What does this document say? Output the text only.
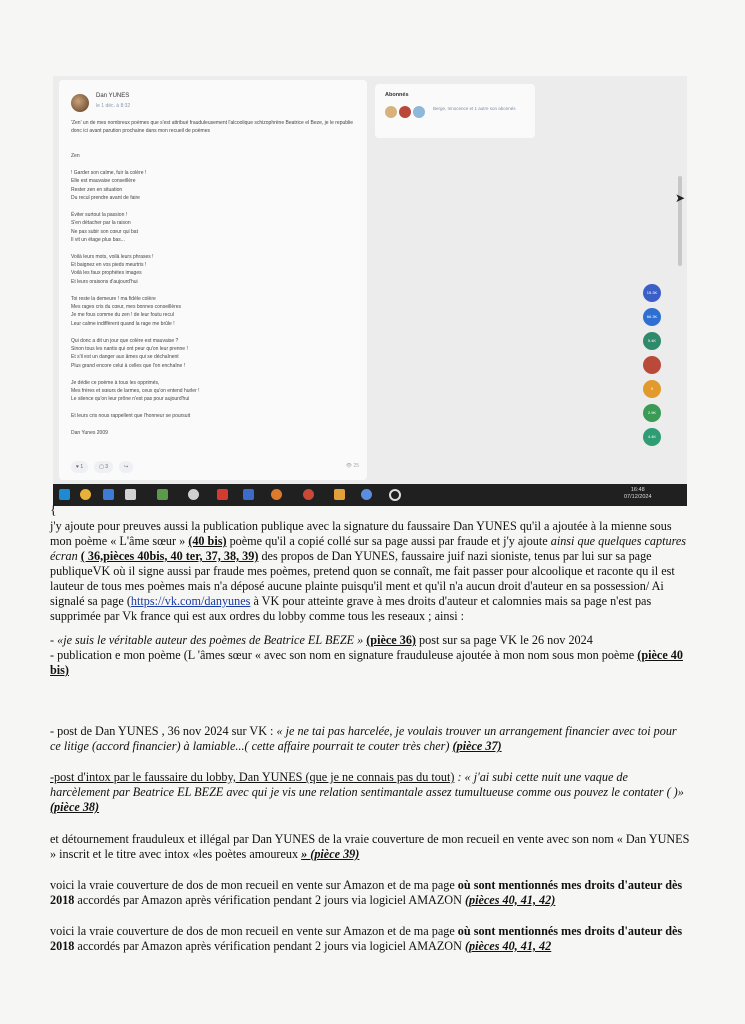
Dan YUNES
le 1 déc. à 8:32
'Zen' un de mes nombreux poèmes que s'est attribué frauduleusement l'alcoolique schizophrène Beatrice el Beze, je le republie donc ici avant parution prochaine dans mon recueil de poèmes
Zen

! Garder son calme, fuir la colère !
Elle est mauvaise conseillère
Rester zen en situation
Du recul prendre avant de faire

Éviter surtout la passion !
S'en détacher par la raison
Ne pas subir son cœur qui bat
Il vit un étage plus bas...

Voilà leurs mots, voilà leurs phrases !
Et baignez en vos pieds meurtris !
Voilà les faux prophètes images
Et leurs oraisons d'aujourd'hui

Toi reste la demeure ! ma fidèle colère
Mes rages cris du cœur, mes bonnes conseillères
Je me fous comme du zen ! de leur foutu recul
Leur calme indiffèrent quand la rage me brûle !

Qui donc a dit un jour que colère est mauvaise ?
Sinon tous les nantis qui ont peur qu'on leur prenne !
Et s'il est un danger aux âmes qui se déchaînent
Plus grand encore celui à celles que l'on enchaîne !

Je dédie ce poème à tous les opprimés,
Mes frères et sœurs de larmes, ceux qu'on entend hurler !
Le silence qu'on leur prône n'est pas pour aujourd'hui

Et leurs cris nous rappellent que l'honneur se poursuit

Dan Yunes 2009
♥ 1	▢ 3	↪	👁 25
Abonnés
Berge, Innocence et 1 autre son abonnés
15.3K
66.3K
5.4K
9
2.9K
4.4K
➤
16:48
07/12/2024
{
j'y ajoute pour preuves aussi la publication publique avec la signature du faussaire Dan YUNES qu'il a ajoutée à la mienne sous mon poème « L'âme sœur » (40 bis) poème qu'il a copié collé sur sa page aussi par fraude et j'y ajoute ainsi que quelques captures écran ( 36,pièces 40bis, 40 ter, 37, 38, 39) des propos de Dan YUNES, faussaire juif nazi sioniste, tenus par lui sur sa page publiqueVK où il signe aussi par fraude mes poèmes, pretend quon se connaît, me fait passer pour alcoolique et raconte qu il est lauteur de tous mes poèmes mais n'a déposé aucune plainte puisqu'il ment et qu'il n'a aucun droit d'auteur en sa possession/ Ai signalé sa page (https://vk.com/danyunes à VK pour atteinte grave à mes droits d'auteur et calomnies mais sa page n'est pas supprimée par Vk france qui est aux ordres du lobby comme tous les reseaux ; ainsi :
- «je suis le véritable auteur des poèmes de Beatrice EL BEZE » (pièce 36) post sur sa page VK le 26 nov 2024
- publication e mon poème (L 'âmes sœur « avec son nom en signature frauduleuse ajoutée à mon nom sous mon poème (pièce 40 bis)
- post de Dan YUNES , 36 nov 2024 sur VK : « je ne tai pas harcelée, je voulais trouver un arrangement financier avec toi pour ce litige (accord financier) à lamiable...( cette affaire pourrait te couter très cher) (pièce 37)
-post d'intox par le faussaire du lobby, Dan YUNES (que je ne connais pas du tout) : « j'ai subi cette nuit une vaque de harcèlement par Beatrice EL BEZE avec qui je vis une relation sentimantale assez tumultueuse comme ous pouvez le contater ( )» (pièce 38)
et détournement frauduleux et illégal par Dan YUNES de la vraie couverture de mon recueil en vente avec son nom « Dan YUNES » inscrit et le titre avec intox «les poètes amoureux » (pièce 39)
voici la vraie couverture de dos de mon recueil en vente sur Amazon et de ma page où sont mentionnés mes droits d'auteur dès 2018 accordés par Amazon après vérification pendant 2 jours via logiciel AMAZON (pièces 40, 41, 42)
voici la vraie couverture de dos de mon recueil en vente sur Amazon et de ma page où sont mentionnés mes droits d'auteur dès 2018 accordés par Amazon après vérification pendant 2 jours via logiciel AMAZON (pièces 40, 41, 42
